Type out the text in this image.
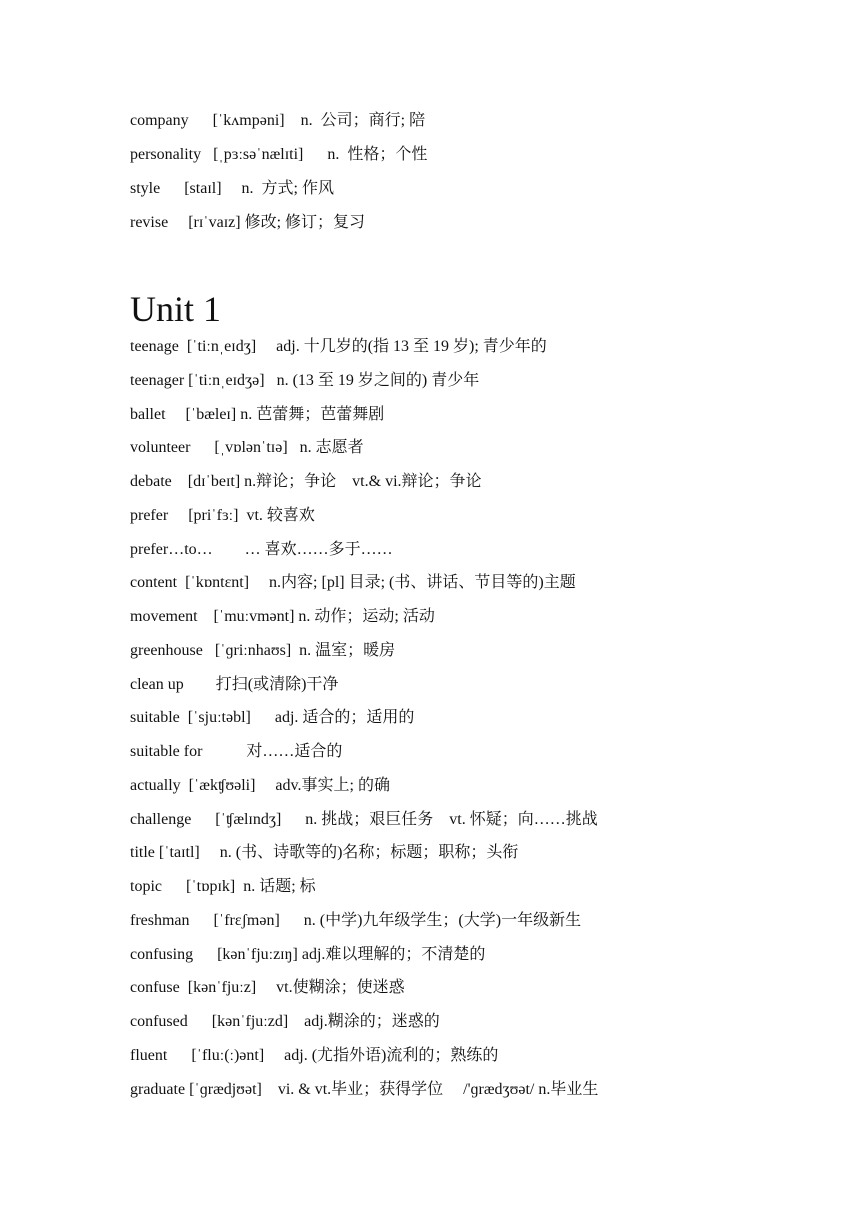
company      [ˈkʌmpəni]    n.  公司；商行; 陪
personality   [ˌpɜːsəˈnælɪti]      n.  性格；个性
style      [staɪl]     n.  方式; 作风
revise     [rɪˈvaɪz] 修改; 修订；复习
Unit 1
teenage  [ˈtiːnˌeɪdʒ]     adj. 十几岁的(指 13 至 19 岁); 青少年的
teenager [ˈtiːnˌeɪdʒə]   n. (13 至 19 岁之间的) 青少年
ballet     [ˈbæleɪ] n. 芭蕾舞；芭蕾舞剧
volunteer      [ˌvɒlənˈtɪə]   n. 志愿者
debate    [dɪˈbeɪt] n.辩论；争论    vt.& vi.辩论；争论
prefer     [priˈfɜː]  vt. 较喜欢
prefer…to…        … 喜欢……多于……
content  [ˈkɒntɛnt]     n.内容; [pl] 目录; (书、讲话、节目等的)主题
movement    [ˈmuːvmənt] n. 动作；运动; 活动
greenhouse   [ˈɡriːnhaʊs]  n. 温室；暖房
clean up        打扫(或清除)干净
suitable  [ˈsjuːtəbl]      adj. 适合的；适用的
suitable for           对……适合的
actually  [ˈækʧʊəli]     adv.事实上; 的确
challenge      [ˈʧælɪndʒ]      n. 挑战；艰巨任务    vt. 怀疑；向……挑战
title [ˈtaɪtl]     n. (书、诗歌等的)名称；标题；职称；头衔
topic      [ˈtɒpɪk]  n. 话题; 标
freshman      [ˈfrɛʃmən]      n. (中学)九年级学生；(大学)一年级新生
confusing      [kənˈfjuːzɪŋ] adj.难以理解的；不清楚的
confuse  [kənˈfjuːz]     vt.使糊涂；使迷惑
confused      [kənˈfjuːzd]    adj.糊涂的；迷惑的
fluent      [ˈfluː(ː)ənt]     adj. (尤指外语)流利的；熟练的
graduate [ˈɡrædjʊət]    vi. & vt.毕业；获得学位     /'ɡrædʒʊət/ n.毕业生
